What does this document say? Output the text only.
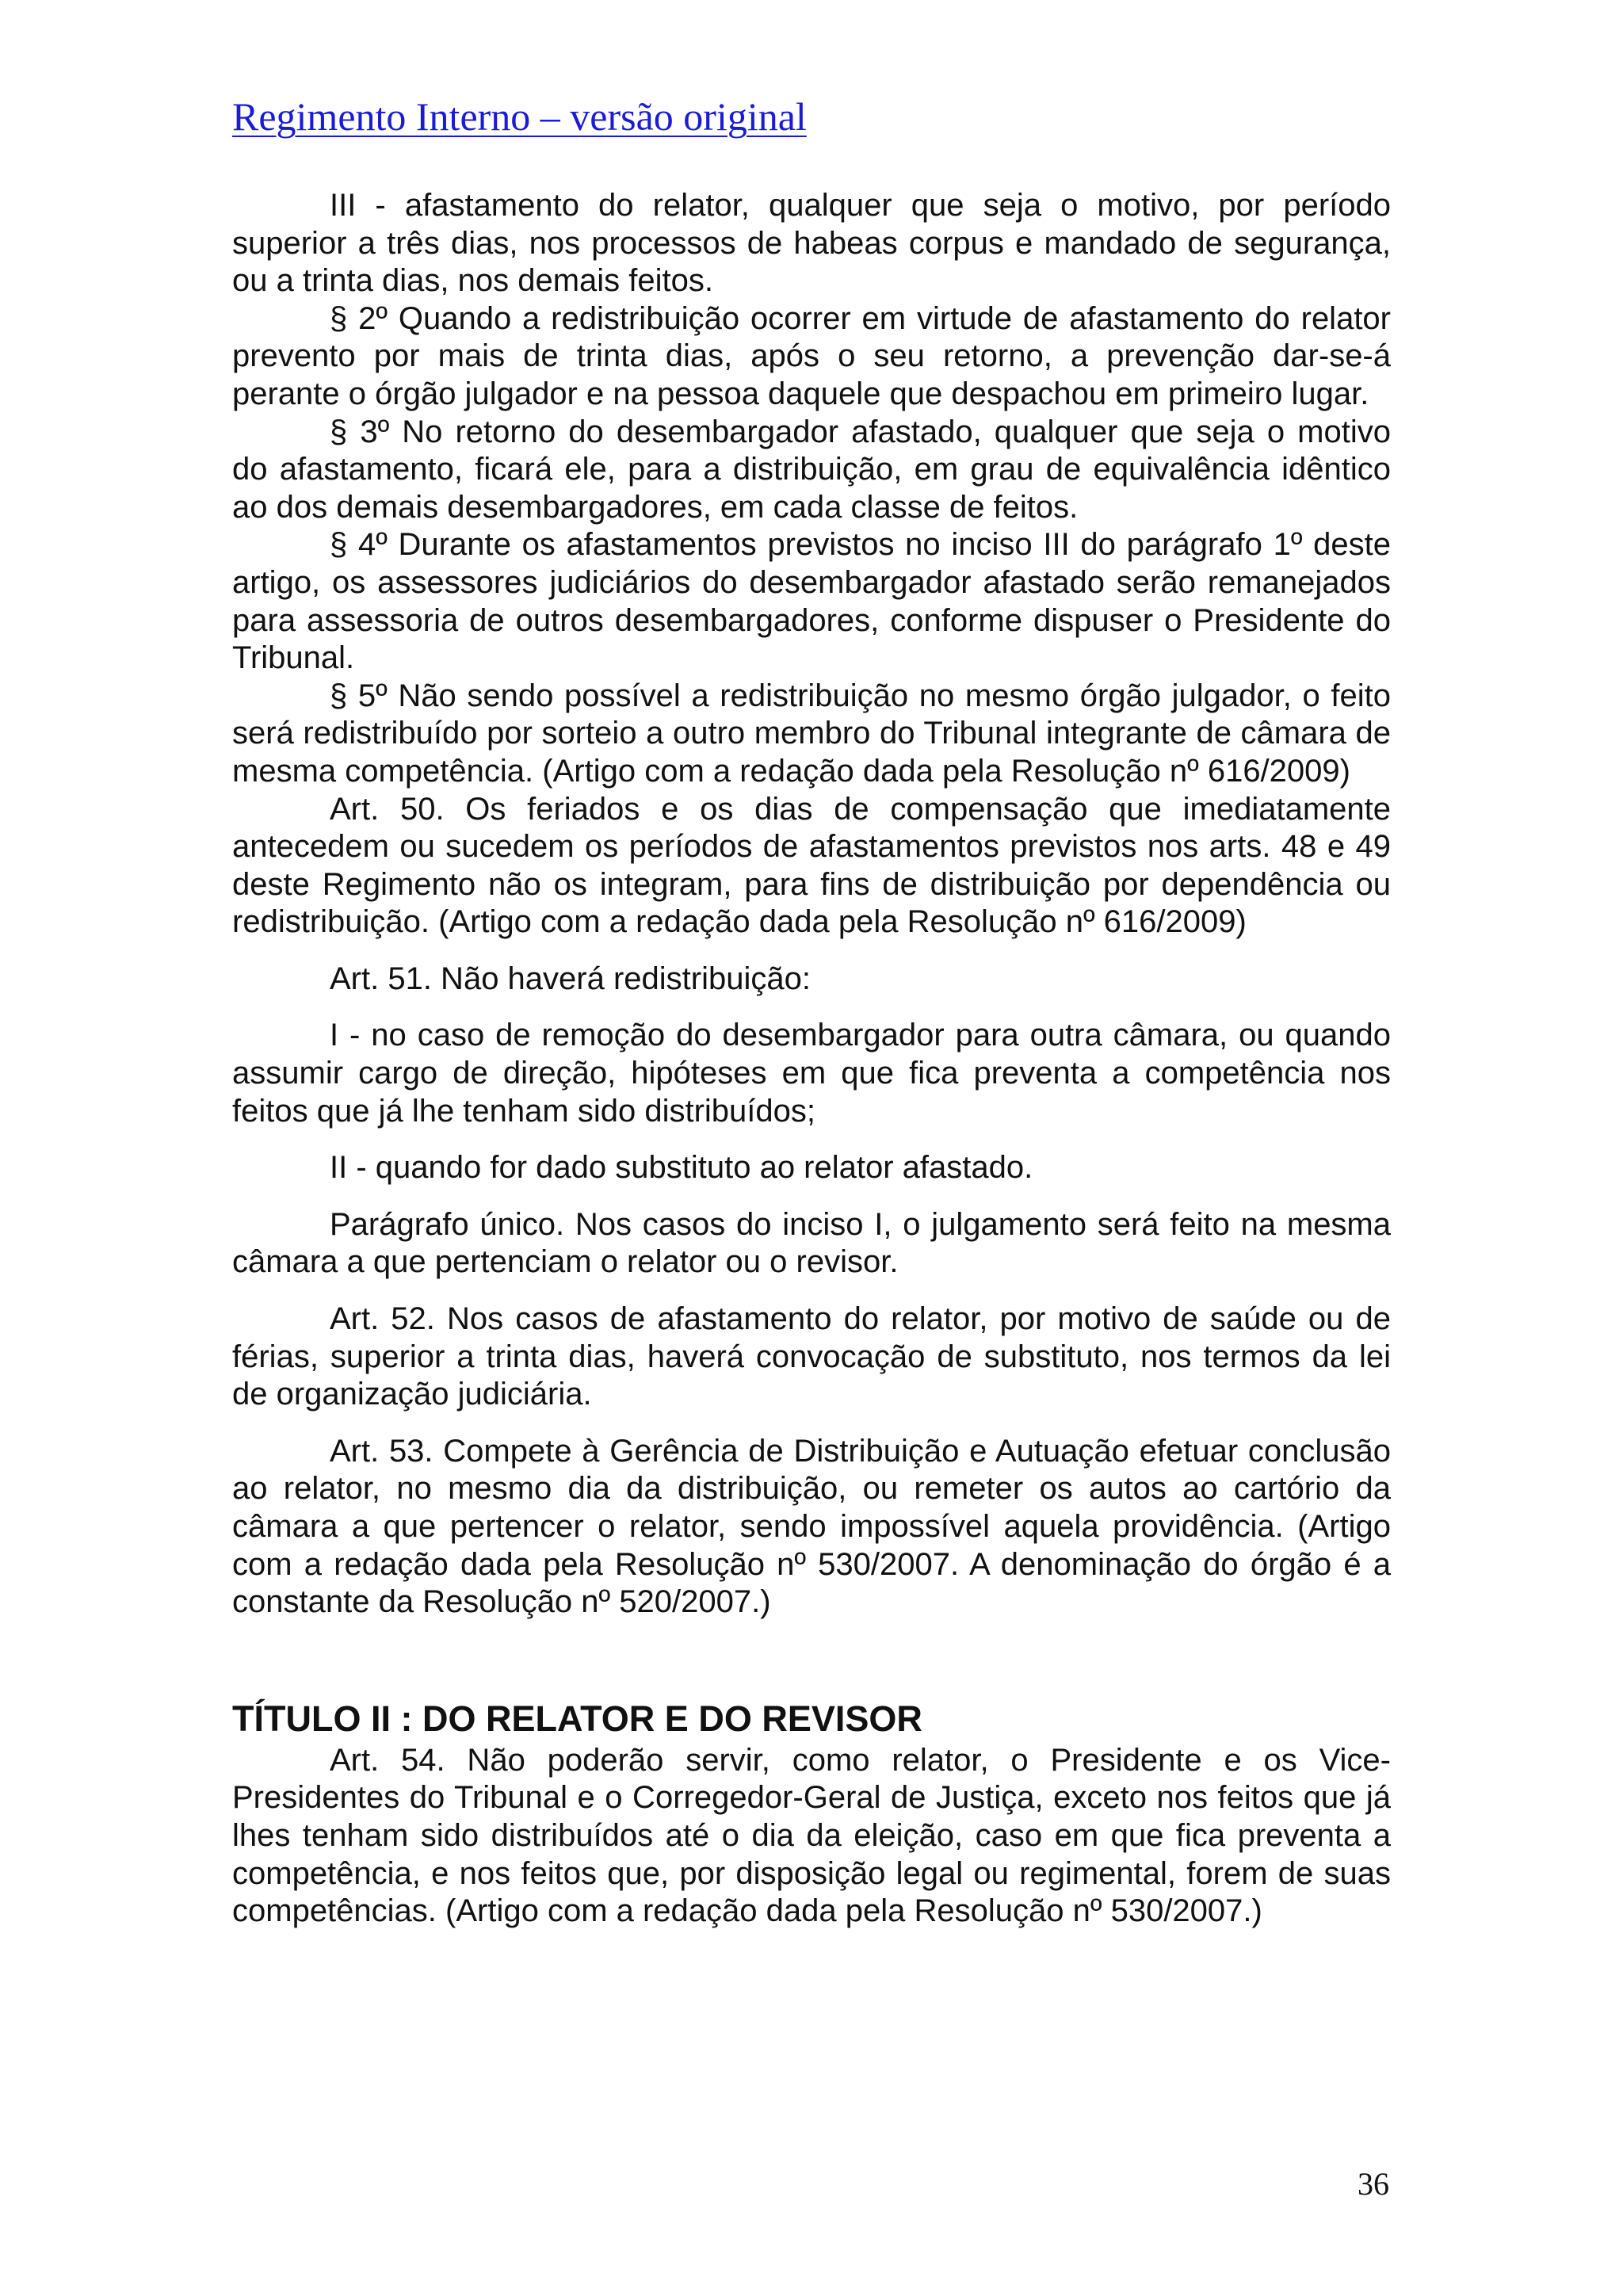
Regimento Interno – versão original

III - afastamento do relator, qualquer que seja o motivo, por período superior a três dias, nos processos de habeas corpus e mandado de segurança, ou a trinta dias, nos demais feitos.

§ 2º Quando a redistribuição ocorrer em virtude de afastamento do relator prevento por mais de trinta dias, após o seu retorno, a prevenção dar-se-á perante o órgão julgador e na pessoa daquele que despachou em primeiro lugar.

§ 3º No retorno do desembargador afastado, qualquer que seja o motivo do afastamento, ficará ele, para a distribuição, em grau de equivalência idêntico ao dos demais desembargadores, em cada classe de feitos.

§ 4º Durante os afastamentos previstos no inciso III do parágrafo 1º deste artigo, os assessores judiciários do desembargador afastado serão remanejados para assessoria de outros desembargadores, conforme dispuser o Presidente do Tribunal.

§ 5º Não sendo possível a redistribuição no mesmo órgão julgador, o feito será redistribuído por sorteio a outro membro do Tribunal integrante de câmara de mesma competência. (Artigo com a redação dada pela Resolução nº 616/2009)

Art. 50. Os feriados e os dias de compensação que imediatamente antecedem ou sucedem os períodos de afastamentos previstos nos arts. 48 e 49 deste Regimento não os integram, para fins de distribuição por dependência ou redistribuição. (Artigo com a redação dada pela Resolução nº 616/2009)

Art. 51. Não haverá redistribuição:

I - no caso de remoção do desembargador para outra câmara, ou quando assumir cargo de direção, hipóteses em que fica preventa a competência nos feitos que já lhe tenham sido distribuídos;

II - quando for dado substituto ao relator afastado.

Parágrafo único. Nos casos do inciso I, o julgamento será feito na mesma câmara a que pertenciam o relator ou o revisor.

Art. 52. Nos casos de afastamento do relator, por motivo de saúde ou de férias, superior a trinta dias, haverá convocação de substituto, nos termos da lei de organização judiciária.

Art. 53. Compete à Gerência de Distribuição e Autuação efetuar conclusão ao relator, no mesmo dia da distribuição, ou remeter os autos ao cartório da câmara a que pertencer o relator, sendo impossível aquela providência. (Artigo com a redação dada pela Resolução nº 530/2007. A denominação do órgão é a constante da Resolução nº 520/2007.)

TÍTULO II : DO RELATOR E DO REVISOR

Art. 54. Não poderão servir, como relator, o Presidente e os Vice-Presidentes do Tribunal e o Corregedor-Geral de Justiça, exceto nos feitos que já lhes tenham sido distribuídos até o dia da eleição, caso em que fica preventa a competência, e nos feitos que, por disposição legal ou regimental, forem de suas competências. (Artigo com a redação dada pela Resolução nº 530/2007.)

36
